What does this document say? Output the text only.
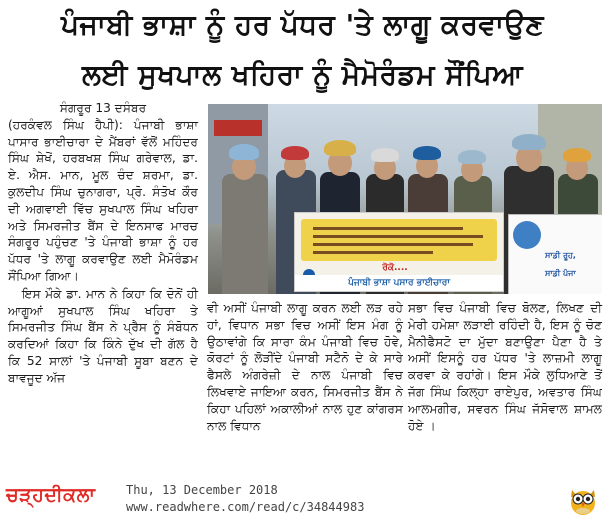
ਪੰਜਾਬੀ ਭਾਸ਼ਾ ਨੂੰ ਹਰ ਪੱਧਰ 'ਤੇ ਲਾਗੂ ਕਰਵਾਉਣ
ਲਈ ਸੁਖਪਾਲ ਖਹਿਰਾ ਨੂੰ ਮੈਮੋਰੰਡਮ ਸੌਂਪਿਆ
ਸੰਗਰੂਰ 13 ਦਸੰਬਰ

(ਹਰਕੰਵਲ ਸਿੰਘ ਹੈਪੀ): ਪੰਜਾਬੀ ਭਾਸ਼ਾ ਪਾਸਾਰ ਭਾਈਚਾਰਾ ਦੇ ਮੈਂਬਰਾਂ ਵੱਲੋਂ ਮਹਿੰਦਰ ਸਿੰਘ ਸ਼ੇਖੋਂ, ਹਰਬਖਸ਼ ਸਿੰਘ ਗਰੇਵਾਲ, ਡਾ. ਏ. ਐਸ. ਮਾਨ, ਮੂਲ ਚੰਦ ਸ਼ਰਮਾ, ਡਾ. ਕੁਲਦੀਪ ਸਿੰਘ ਚੁਨਾਗਰਾ, ਪ੍ਰੋ. ਸੰਤੋਖ ਕੌਰ ਦੀ ਅਗਵਾਈ ਵਿੱਚ ਸੁਖਪਾਲ ਸਿੰਘ ਖਹਿਰਾ ਅਤੇ ਸਿਮਰਜੀਤ ਬੈਂਸ ਦੇ ਇਨਸਾਫ ਮਾਰਚ ਸੰਗਰੂਰ ਪਹੁੰਚਣ 'ਤੇ ਪੰਜਾਬੀ ਭਾਸ਼ਾ ਨੂੰ ਹਰ ਪੱਧਰ 'ਤੇ ਲਾਗੂ ਕਰਵਾਉਣ ਲਈ ਮੈਮੋਰੰਡਮ ਸੌਂਪਿਆ ਗਿਆ।

ਇਸ ਮੌਕੇ ਡਾ. ਮਾਨ ਨੇ ਕਿਹਾ ਕਿ ਦੋਨੋਂ ਹੀ ਆਗੂਆਂ ਸੁਖਪਾਲ ਸਿੰਘ ਖਹਿਰਾ ਤੇ ਸਿਮਰਜੀਤ ਸਿੰਘ ਬੈਂਸ ਨੇ ਪ੍ਰੈਸ ਨੂੰ ਸੰਬੋਧਨ ਕਰਦਿਆਂ ਕਿਹਾ ਕਿ ਕਿੰਨੇ ਦੁੱਖ ਦੀ ਗੱਲ ਹੈ ਕਿ 52 ਸਾਲਾਂ 'ਤੇ ਪੰਜਾਬੀ ਸੂਬਾ ਬਣਨ ਦੇ ਬਾਵਜੂਦ ਅੱਜ

ਰੋਕੋ....
ਪੰਜਾਬੀ ਭਾਸ਼ਾ ਪਸਾਰ ਭਾਈਚਾਰਾ
ਸਾਡੀ ਰੂਹ,
ਸਾਡੀ ਪੰਜਾ

ਵੀ ਅਸੀਂ ਪੰਜਾਬੀ ਲਾਗੂ ਕਰਨ ਲਈ ਲੜ ਰਹੇ ਹਾਂ, ਵਿਧਾਨ ਸਭਾ ਵਿਚ ਅਸੀਂ ਇਸ ਮੰਗ ਨੂੰ ਉਠਾਵਾਂਗੇ ਕਿ ਸਾਰਾ ਕੰਮ ਪੰਜਾਬੀ ਵਿਚ ਹੋਵੇ, ਕੋਰਟਾਂ ਨੂੰ ਲੋੜੀਂਦੇ ਪੰਜਾਬੀ ਸਟੈਨੋ ਦੇ ਕੇ ਸਾਰੇ ਫੈਸਲੇ ਅੰਗਰੇਜ਼ੀ ਦੇ ਨਾਲ ਪੰਜਾਬੀ ਵਿਚ ਲਿਖਵਾਏ ਜਾਇਆ ਕਰਨ, ਸਿਮਰਜੀਤ ਬੈਂਸ ਨੇ ਕਿਹਾ ਪਹਿਲਾਂ ਅਕਾਲੀਆਂ ਨਾਲ ਹੁਣ ਕਾਂਗਰਸ ਨਾਲ ਵਿਧਾਨ

ਸਭਾ ਵਿਚ ਪੰਜਾਬੀ ਵਿਚ ਬੋਲਣ, ਲਿਖਣ ਦੀ ਮੇਰੀ ਹਮੇਸ਼ਾ ਲੜਾਈ ਰਹਿੰਦੀ ਹੈ, ਇਸ ਨੂੰ ਚੋਣ ਮੈਨੀਫੈਸਟੋ ਦਾ ਮੁੱਦਾ ਬਣਾਉਣਾ ਪੈਣਾ ਹੈ ਤੇ ਅਸੀਂ ਇਸਨੂੰ ਹਰ ਪੱਧਰ 'ਤੇ ਲਾਜ਼ਮੀ ਲਾਗੂ ਕਰਵਾ ਕੇ ਰਹਾਂਗੇ। ਇਸ ਮੌਕੇ ਲੁਧਿਆਣੇ ਤੋਂ ਜੱਗ ਸਿੰਘ ਕਿਲ੍ਹਾ ਰਾਏਪੁਰ, ਅਵਤਾਰ ਸਿੰਘ ਆਲਮਗੀਰ, ਸਵਰਨ ਸਿੰਘ ਜੱਸੋਵਾਲ ਸ਼ਾਮਲ ਹੋਏ ।

ਚੜ੍ਹਦੀਕਲਾ	Thu, 13 December 2018
www.readwhere.com/read/c/34844983
